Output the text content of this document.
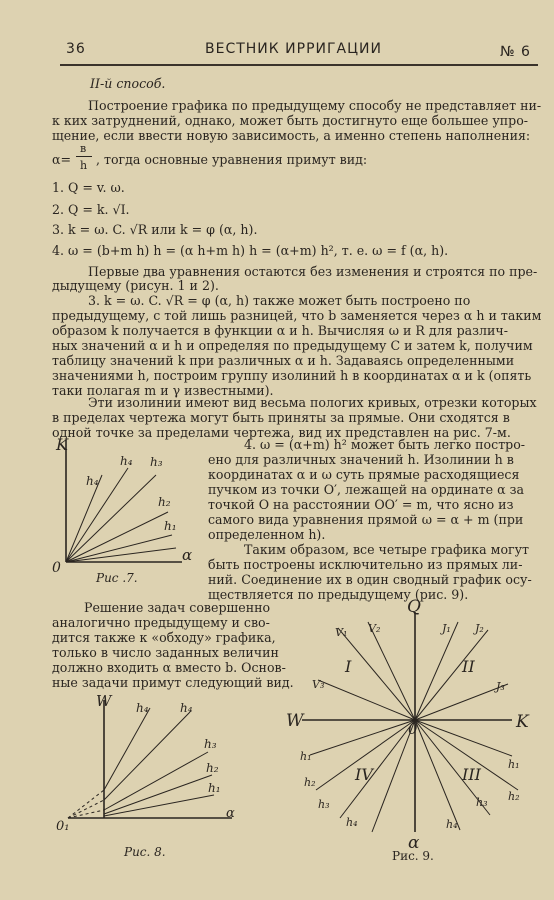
36	ВЕСТНИК ИРРИГАЦИИ	№ 6
II-й способ.
Построение графика по предыдущему способу не представляет ни-
к ких затруднений, однако, может быть достигнуто еще большее упро-
щение, если ввести новую зависимость, а именно степень наполнения:
α=
в
h , тогда основные уравнения примут вид:
1. Q = v. ω.
2. Q = k. √I.
3. k = ω. C. √R или k = φ (α, h).
4. ω = (b+m h) h = (α h+m h) h = (α+m) h², т. е. ω = f (α, h).
Первые два уравнения остаются без изменения и строятся по пре-
дыдущему (рисун. 1 и 2).
3. k = ω. C. √R = φ (α, h) также может быть построено по
предыдущему, с той лишь разницей, что b заменяется через α h и таким
образом k получается в функции α и h. Вычисляя ω и R для различ-
ных значений α и h и определяя по предыдущему C и затем k, получим
таблицу значений k при различных α и h. Задаваясь определенными
значениями h, построим группу изолиний h в координатах α и k (опять
таки полагая m и γ известными).
Эти изолинии имеют вид весьма пологих кривых, отрезки которых
в пределах чертежа могут быть приняты за прямые. Они сходятся в
одной точке за пределами чертежа, вид их представлен на рис. 7-м.
4. ω = (α+m) h² может быть легко постро-
ено для различных значений h. Изолинии h в
координатах α и ω суть прямые расходящиеся
пучком из точки O′, лежащей на ординате α за
точкой O на расстоянии OO′ = m, что ясно из
самого вида уравнения прямой ω = α + m (при
определенном h).
Таким образом, все четыре графика могут
быть построены исключительно из прямых ли-
ний. Соединение их в один сводный график осу-
ществляется по предыдущему (рис. 9).
Решение задач совершенно
аналогично предыдущему и сво-
дится также к «обходу» графика,
только в число заданных величин
должно входить α вместо b. Основ-
ные задачи примут следующий вид.
K
α
0
h₄
h₄ h₃
h₂
h₁
Рис .7.
W
0₁
α
h₄	h₄
h₃
h₂
h₁
Рис. 8.
Q
α
W	K
0
I	II
III
IV
V₁ V₂
V₃
J₁ J₂
J₃
h₁
h₂
h₃
h₄
h₁
h₂
h₃
h₄
Рис. 9.
